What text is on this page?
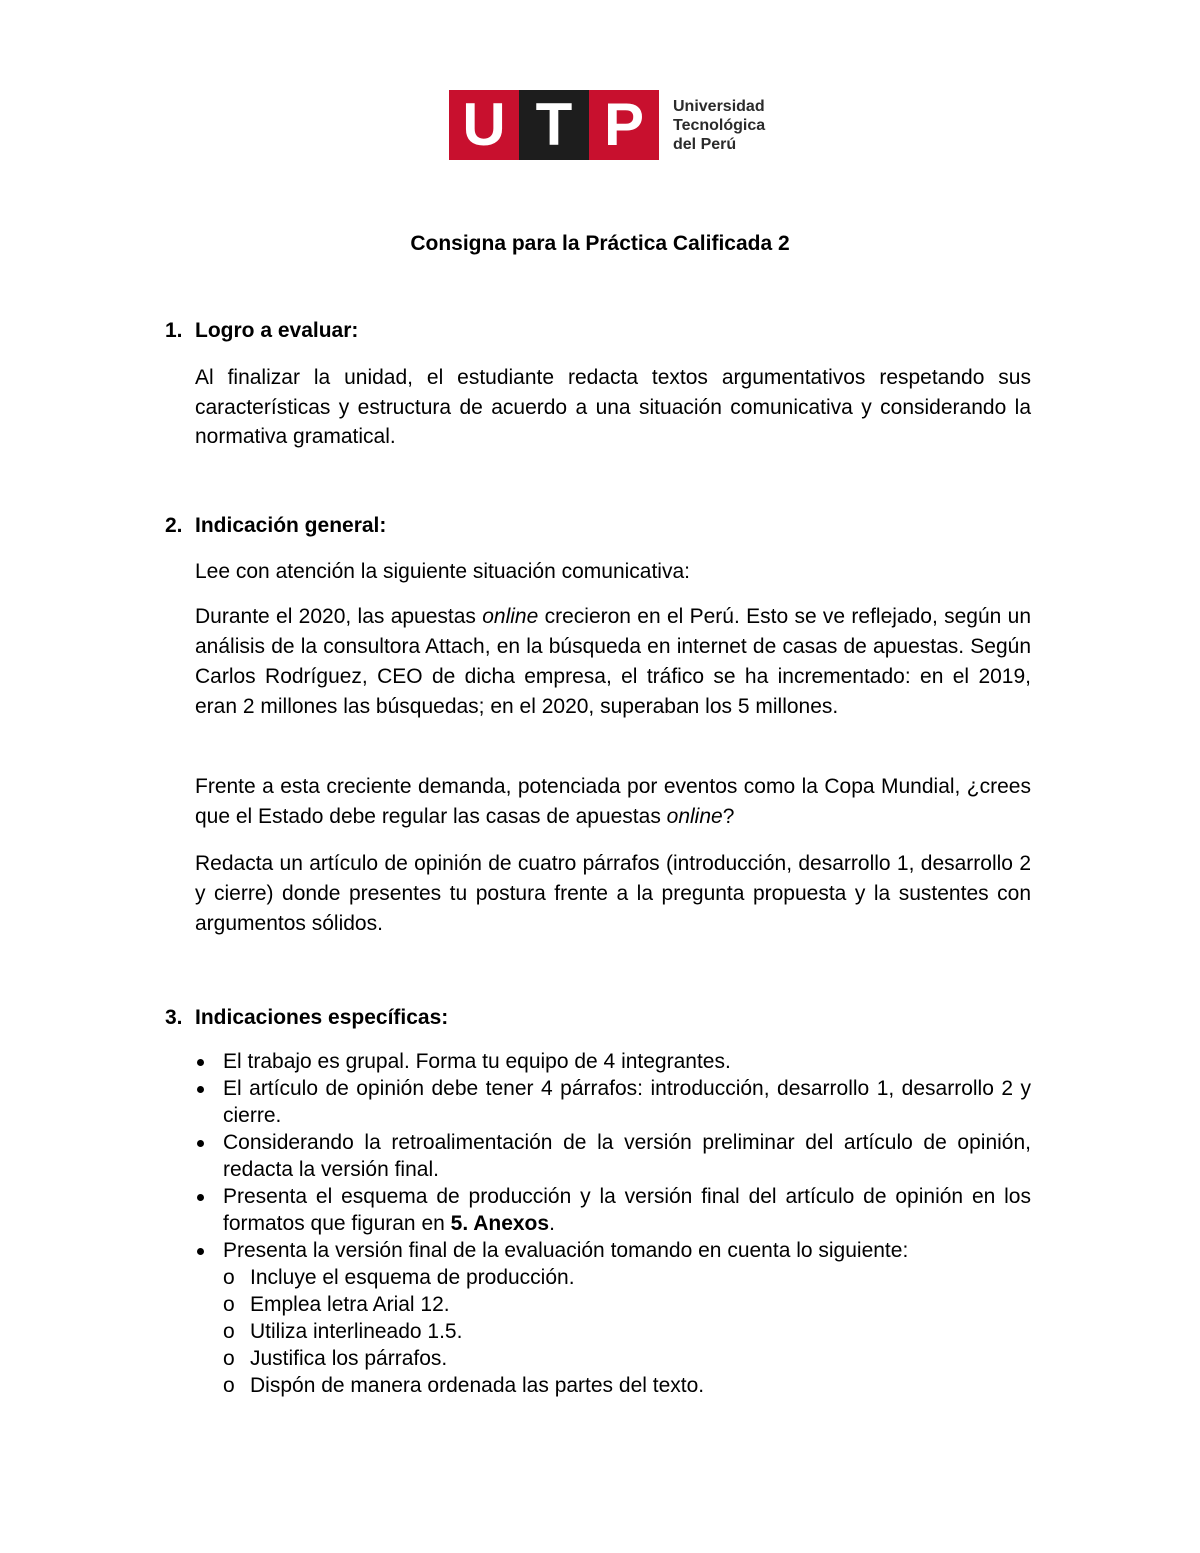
U T P	Universidad
Tecnológica
del Perú
Consigna para la Práctica Calificada 2
1. Logro a evaluar:

Al finalizar la unidad, el estudiante redacta textos argumentativos respetando sus características y estructura de acuerdo a una situación comunicativa y considerando la normativa gramatical.

2. Indicación general:

Lee con atención la siguiente situación comunicativa:

Durante el 2020, las apuestas online crecieron en el Perú. Esto se ve reflejado, según un análisis de la consultora Attach, en la búsqueda en internet de casas de apuestas. Según Carlos Rodríguez, CEO de dicha empresa, el tráfico se ha incrementado: en el 2019, eran 2 millones las búsquedas; en el 2020, superaban los 5 millones.

Frente a esta creciente demanda, potenciada por eventos como la Copa Mundial, ¿crees que el Estado debe regular las casas de apuestas online?

Redacta un artículo de opinión de cuatro párrafos (introducción, desarrollo 1, desarrollo 2 y cierre) donde presentes tu postura frente a la pregunta propuesta y la sustentes con argumentos sólidos.

3. Indicaciones específicas:
El trabajo es grupal. Forma tu equipo de 4 integrantes.
El artículo de opinión debe tener 4 párrafos: introducción, desarrollo 1, desarrollo 2 y cierre.
Considerando la retroalimentación de la versión preliminar del artículo de opinión, redacta la versión final.
Presenta el esquema de producción y la versión final del artículo de opinión en los formatos que figuran en 5. Anexos.
Presenta la versión final de la evaluación tomando en cuenta lo siguiente:
o Incluye el esquema de producción.
o Emplea letra Arial 12.
o Utiliza interlineado 1.5.
o Justifica los párrafos.
o Dispón de manera ordenada las partes del texto.
